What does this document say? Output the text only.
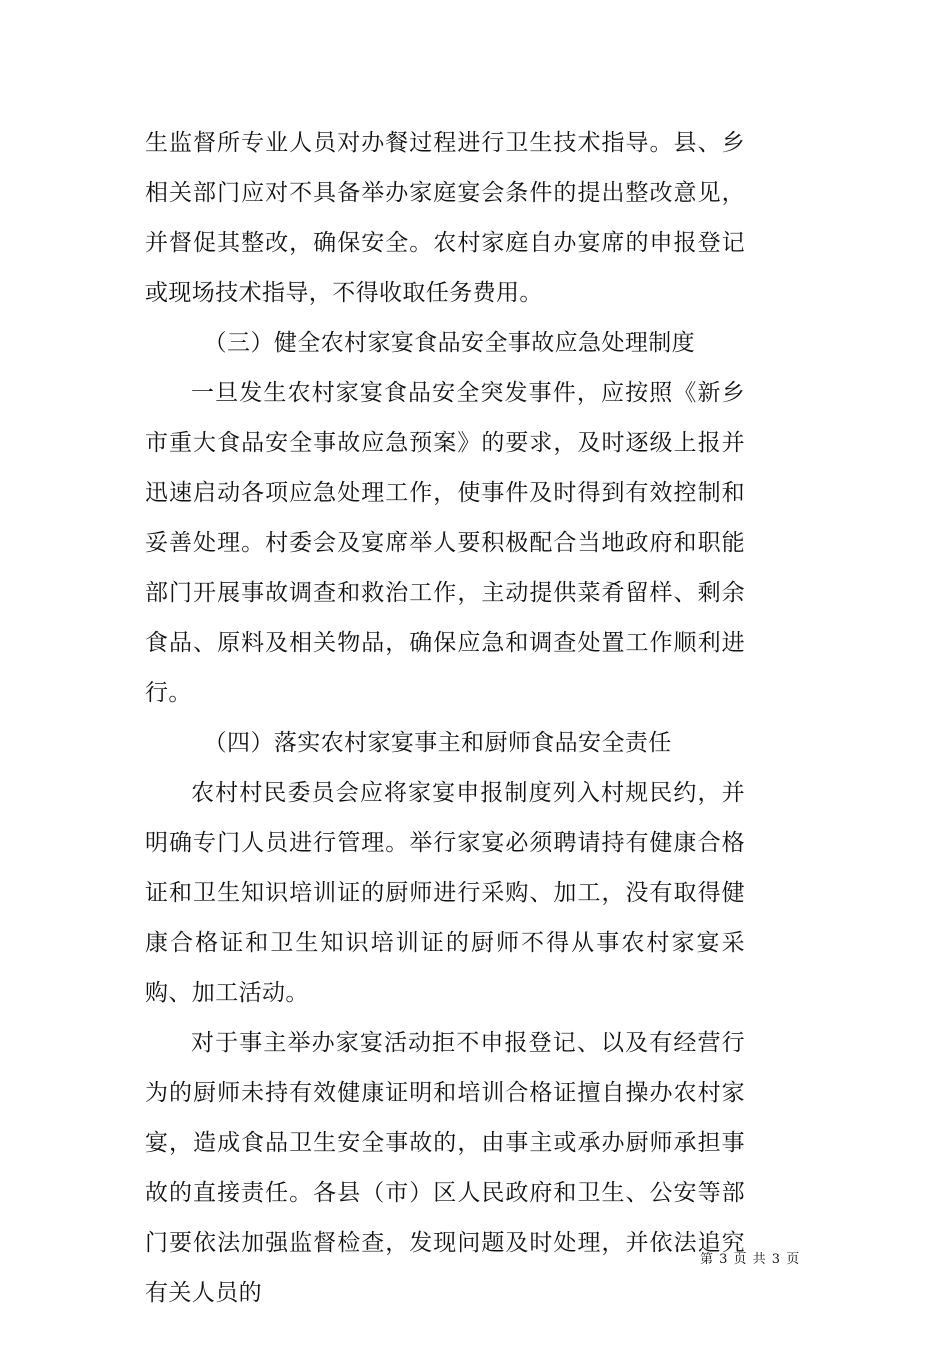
生监督所专业人员对办餐过程进行卫生技术指导。县、乡相关部门应对不具备举办家庭宴会条件的提出整改意见，并督促其整改，确保安全。农村家庭自办宴席的申报登记或现场技术指导，不得收取任务费用。

（三）健全农村家宴食品安全事故应急处理制度

一旦发生农村家宴食品安全突发事件，应按照《新乡市重大食品安全事故应急预案》的要求，及时逐级上报并迅速启动各项应急处理工作，使事件及时得到有效控制和妥善处理。村委会及宴席举人要积极配合当地政府和职能部门开展事故调查和救治工作，主动提供菜肴留样、剩余食品、原料及相关物品，确保应急和调查处置工作顺利进行。

（四）落实农村家宴事主和厨师食品安全责任

农村村民委员会应将家宴申报制度列入村规民约，并明确专门人员进行管理。举行家宴必须聘请持有健康合格证和卫生知识培训证的厨师进行采购、加工，没有取得健康合格证和卫生知识培训证的厨师不得从事农村家宴采购、加工活动。

对于事主举办家宴活动拒不申报登记、以及有经营行为的厨师未持有效健康证明和培训合格证擅自操办农村家宴，造成食品卫生安全事故的，由事主或承办厨师承担事故的直接责任。各县（市）区人民政府和卫生、公安等部门要依法加强监督检查，发现问题及时处理，并依法追究有关人员的

第 3 页 共 3 页
